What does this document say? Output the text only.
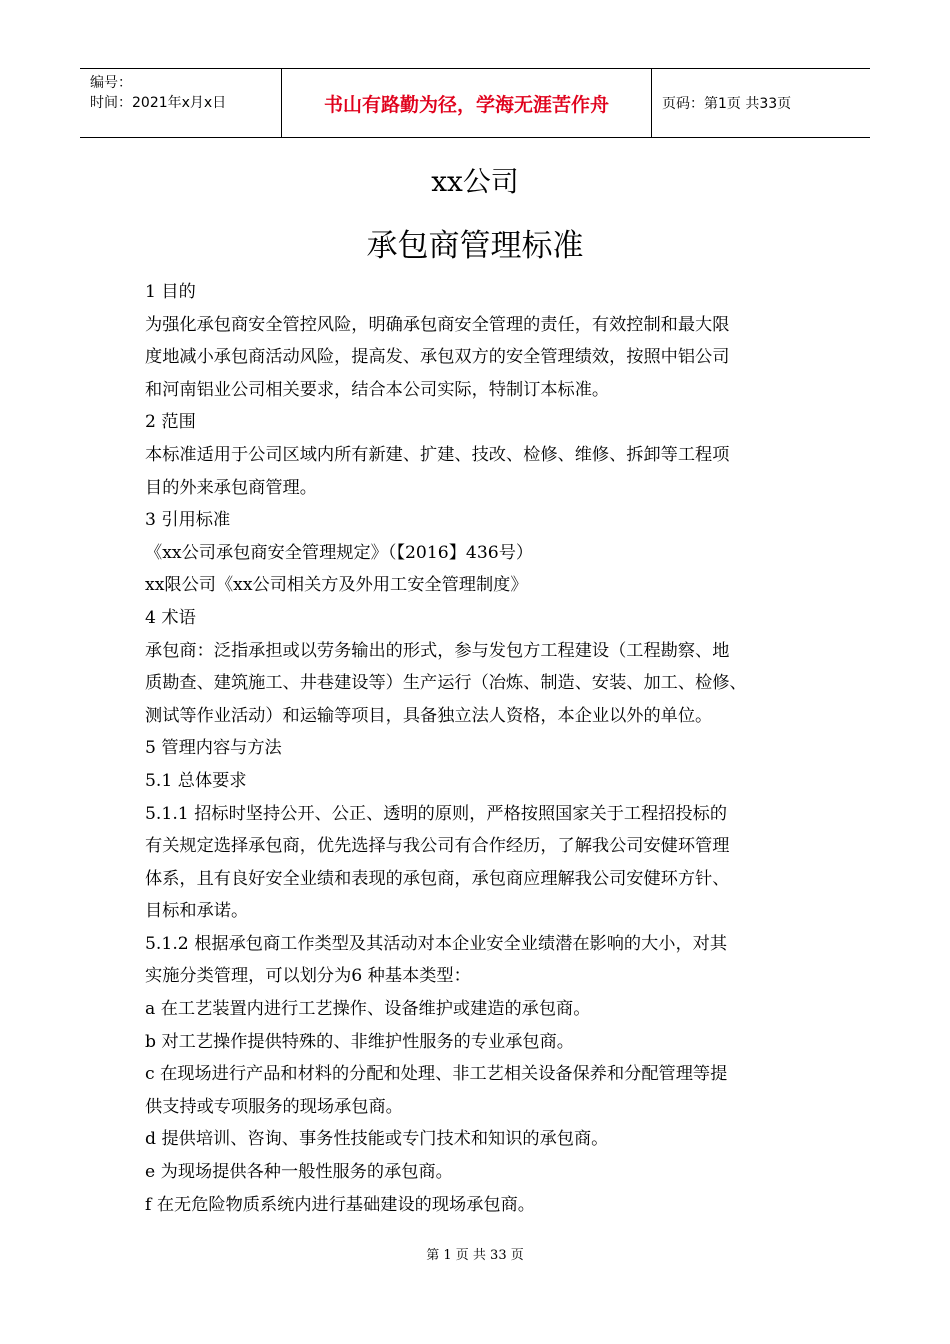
编号：
时间：2021年x月x日	书山有路勤为径，学海无涯苦作舟	页码：第1页 共33页
xx公司
承包商管理标准
1 目的
为强化承包商安全管控风险，明确承包商安全管理的责任，有效控制和最大限
度地减小承包商活动风险，提高发、承包双方的安全管理绩效，按照中铝公司
和河南铝业公司相关要求，结合本公司实际，特制订本标准。
2 范围
本标准适用于公司区域内所有新建、扩建、技改、检修、维修、拆卸等工程项
目的外来承包商管理。
3 引用标准
《xx公司承包商安全管理规定》（【2016】436号）
xx限公司《xx公司相关方及外用工安全管理制度》
4 术语
承包商：泛指承担或以劳务输出的形式，参与发包方工程建设（工程勘察、地
质勘查、建筑施工、井巷建设等）生产运行（冶炼、制造、安装、加工、检修、
测试等作业活动）和运输等项目，具备独立法人资格，本企业以外的单位。
5 管理内容与方法
5.1 总体要求
5.1.1 招标时坚持公开、公正、透明的原则，严格按照国家关于工程招投标的
有关规定选择承包商，优先选择与我公司有合作经历，了解我公司安健环管理
体系，且有良好安全业绩和表现的承包商，承包商应理解我公司安健环方针、
目标和承诺。
5.1.2 根据承包商工作类型及其活动对本企业安全业绩潜在影响的大小，对其
实施分类管理，可以划分为6 种基本类型：
a 在工艺装置内进行工艺操作、设备维护或建造的承包商。
b 对工艺操作提供特殊的、非维护性服务的专业承包商。
c 在现场进行产品和材料的分配和处理、非工艺相关设备保养和分配管理等提
供支持或专项服务的现场承包商。
d 提供培训、咨询、事务性技能或专门技术和知识的承包商。
e 为现场提供各种一般性服务的承包商。
f 在无危险物质系统内进行基础建设的现场承包商。
第 1 页 共 33 页
